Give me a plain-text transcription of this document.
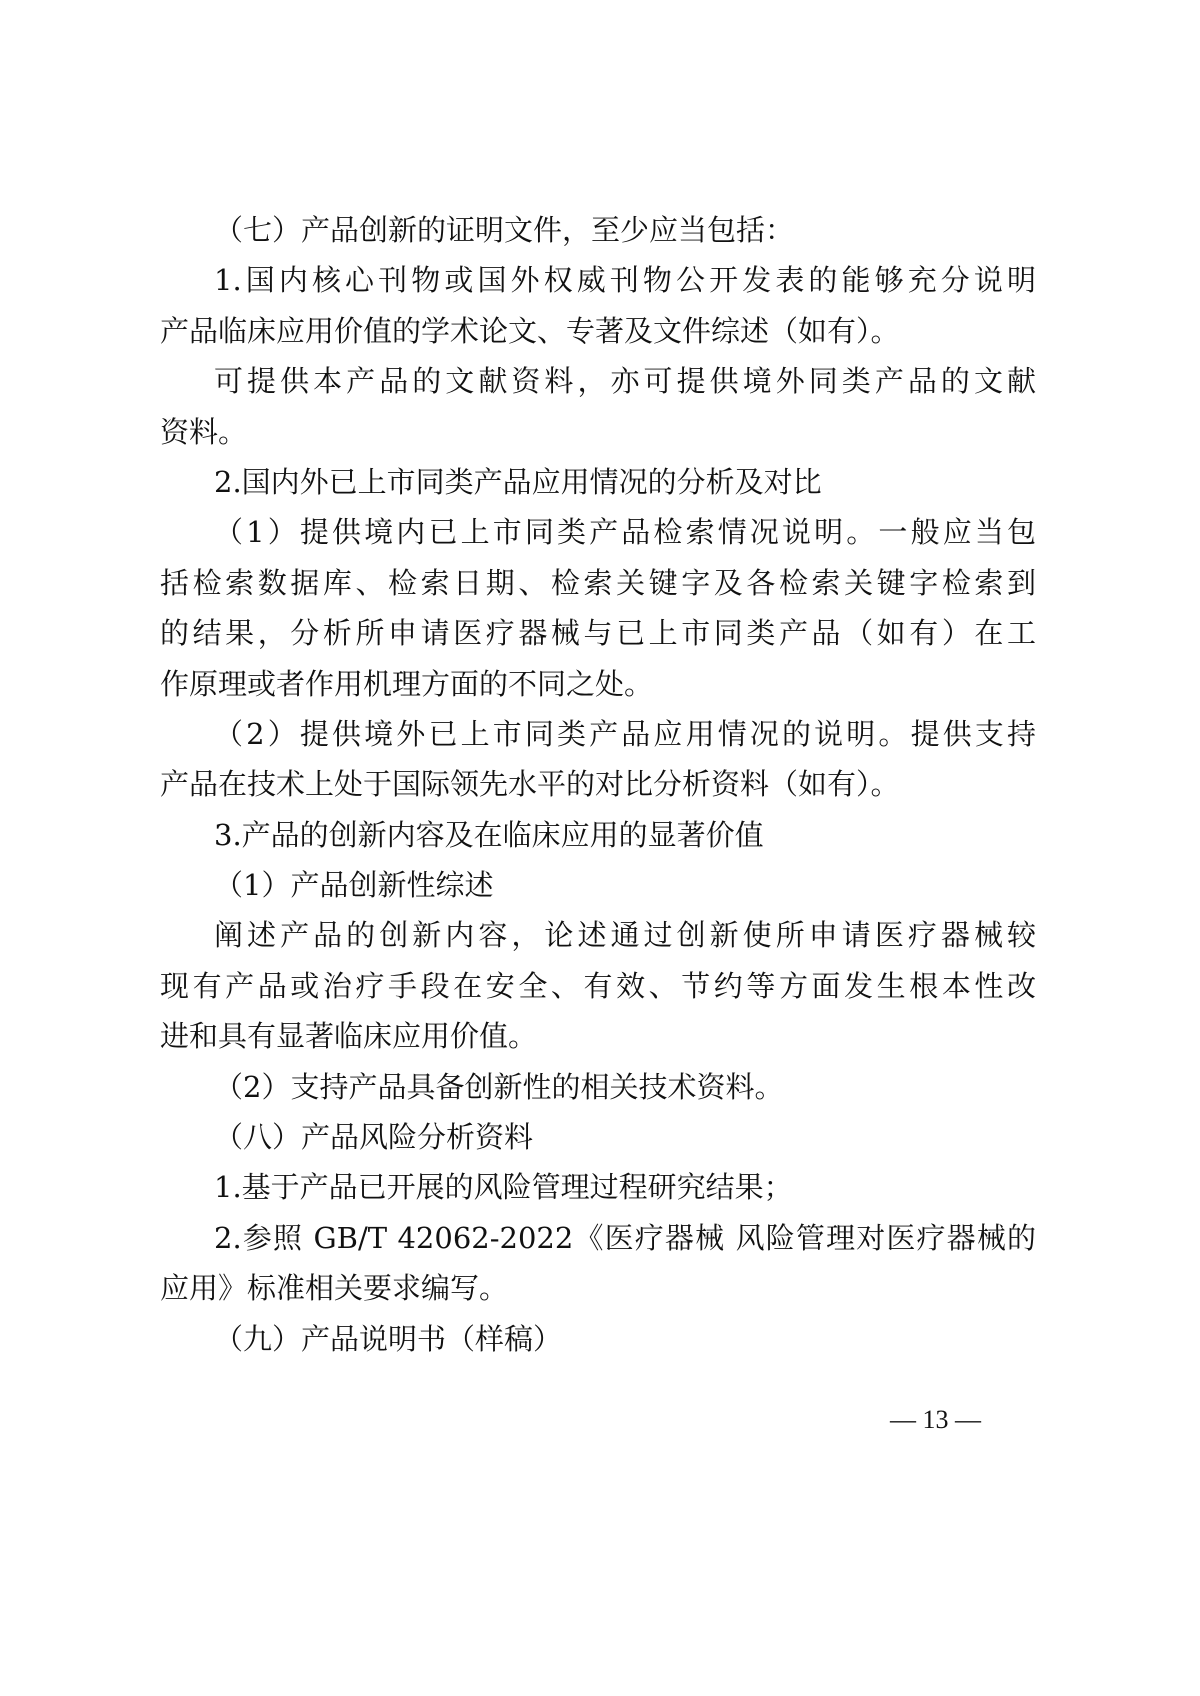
（七）产品创新的证明文件，至少应当包括：
1.国内核心刊物或国外权威刊物公开发表的能够充分说明
产品临床应用价值的学术论文、专著及文件综述（如有）。
可提供本产品的文献资料，亦可提供境外同类产品的文献
资料。
2.国内外已上市同类产品应用情况的分析及对比
（1）提供境内已上市同类产品检索情况说明。一般应当包
括检索数据库、检索日期、检索关键字及各检索关键字检索到
的结果，分析所申请医疗器械与已上市同类产品（如有）在工
作原理或者作用机理方面的不同之处。
（2）提供境外已上市同类产品应用情况的说明。提供支持
产品在技术上处于国际领先水平的对比分析资料（如有）。
3.产品的创新内容及在临床应用的显著价值
（1）产品创新性综述
阐述产品的创新内容，论述通过创新使所申请医疗器械较
现有产品或治疗手段在安全、有效、节约等方面发生根本性改
进和具有显著临床应用价值。
（2）支持产品具备创新性的相关技术资料。
（八）产品风险分析资料
1.基于产品已开展的风险管理过程研究结果；
2.参照 GB/T 42062-2022《医疗器械 风险管理对医疗器械的
应用》标准相关要求编写。
（九）产品说明书（样稿）
— 13 —
